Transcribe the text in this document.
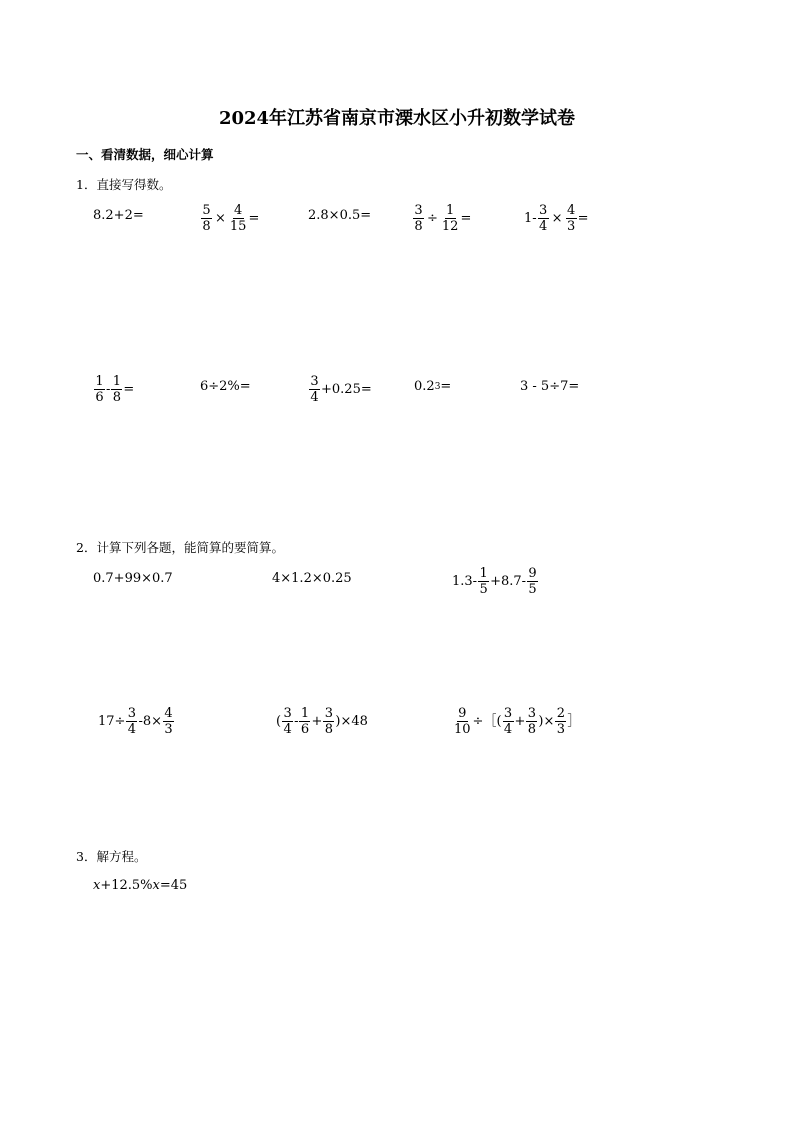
2024年江苏省南京市溧水区小升初数学试卷
一、看清数据，细心计算
1．直接写得数。
8.2+2=	$\frac{5}{8} \times \frac{4}{15}$ =	2.8×0.5=	$\frac{3}{8} \div \frac{1}{12}$ =	$1- \frac{3}{4} \times \frac{4}{3}$ =
$\frac{1}{6} - \frac{1}{8}$ =	6÷2%=	$\frac{3}{4} +0.25=$	0.2 3 =	3 - 5÷7=
2．计算下列各题，能简算的要简算。
0.7+99×0.7	4×1.2×0.25	$1.3- \frac{1}{5} +8.7- \frac{9}{5}$
$17\div \frac{3}{4} -8\times \frac{4}{3}$	( $\frac{3}{4} - \frac{1}{6} + \frac{3}{8} )\times 48$	$\frac{9}{10}$ ÷［( $\frac{3}{4} + \frac{3}{8}$ )× $\frac{2}{3}$ ］
3．解方程。
x +12.5% x =45
